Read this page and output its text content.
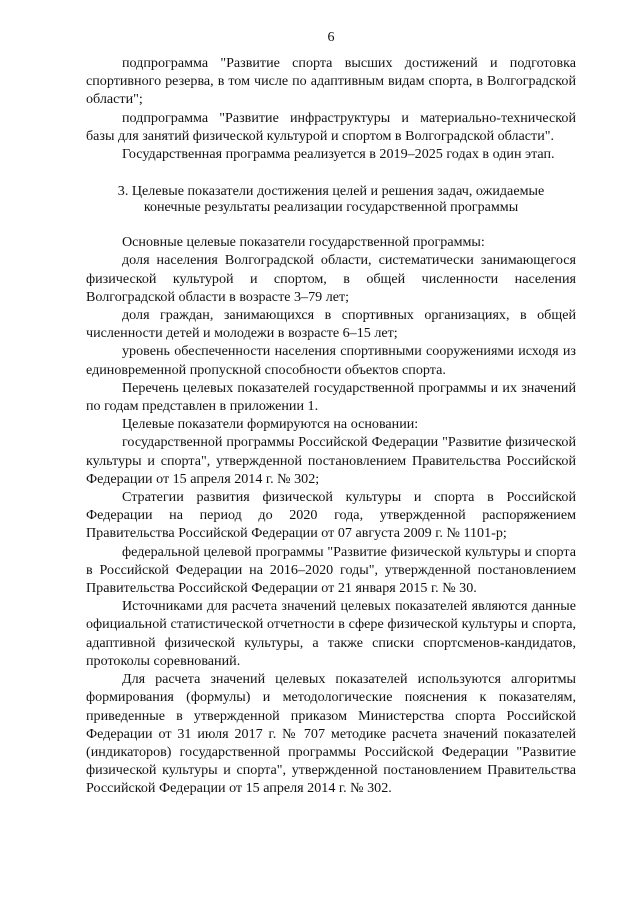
6

подпрограмма "Развитие спорта высших достижений и подготовка спортивного резерва, в том числе по адаптивным видам спорта, в Волгоградской области";

подпрограмма "Развитие инфраструктуры и материально-технической базы для занятий физической культурой и спортом в Волгоградской области".

Государственная программа реализуется в 2019–2025 годах в один этап.

3. Целевые показатели достижения целей и решения задач, ожидаемые
конечные результаты реализации государственной программы

Основные целевые показатели государственной программы:

доля населения Волгоградской области, систематически занимающегося физической культурой и спортом, в общей численности населения Волгоградской области в возрасте 3–79 лет;

доля граждан, занимающихся в спортивных организациях, в общей численности детей и молодежи в возрасте 6–15 лет;

уровень обеспеченности населения спортивными сооружениями исходя из единовременной пропускной способности объектов спорта.

Перечень целевых показателей государственной программы и их значений по годам представлен в приложении 1.

Целевые показатели формируются на основании:

государственной программы Российской Федерации "Развитие физической культуры и спорта", утвержденной постановлением Правительства Российской Федерации от 15 апреля 2014 г. № 302;

Стратегии развития физической культуры и спорта в Российской Федерации на период до 2020 года, утвержденной распоряжением Правительства Российской Федерации от 07 августа 2009 г. № 1101-р;

федеральной целевой программы "Развитие физической культуры и спорта в Российской Федерации на 2016–2020 годы", утвержденной постановлением Правительства Российской Федерации от 21 января 2015 г. № 30.

Источниками для расчета значений целевых показателей являются данные официальной статистической отчетности в сфере физической культуры и спорта, адаптивной физической культуры, а также списки спортсменов-кандидатов, протоколы соревнований.

Для расчета значений целевых показателей используются алгоритмы формирования (формулы) и методологические пояснения к показателям, приведенные в утвержденной приказом Министерства спорта Российской Федерации от 31 июля 2017 г. № 707 методике расчета значений показателей (индикаторов) государственной программы Российской Федерации "Развитие физической культуры и спорта", утвержденной постановлением Правительства Российской Федерации от 15 апреля 2014 г. № 302.
